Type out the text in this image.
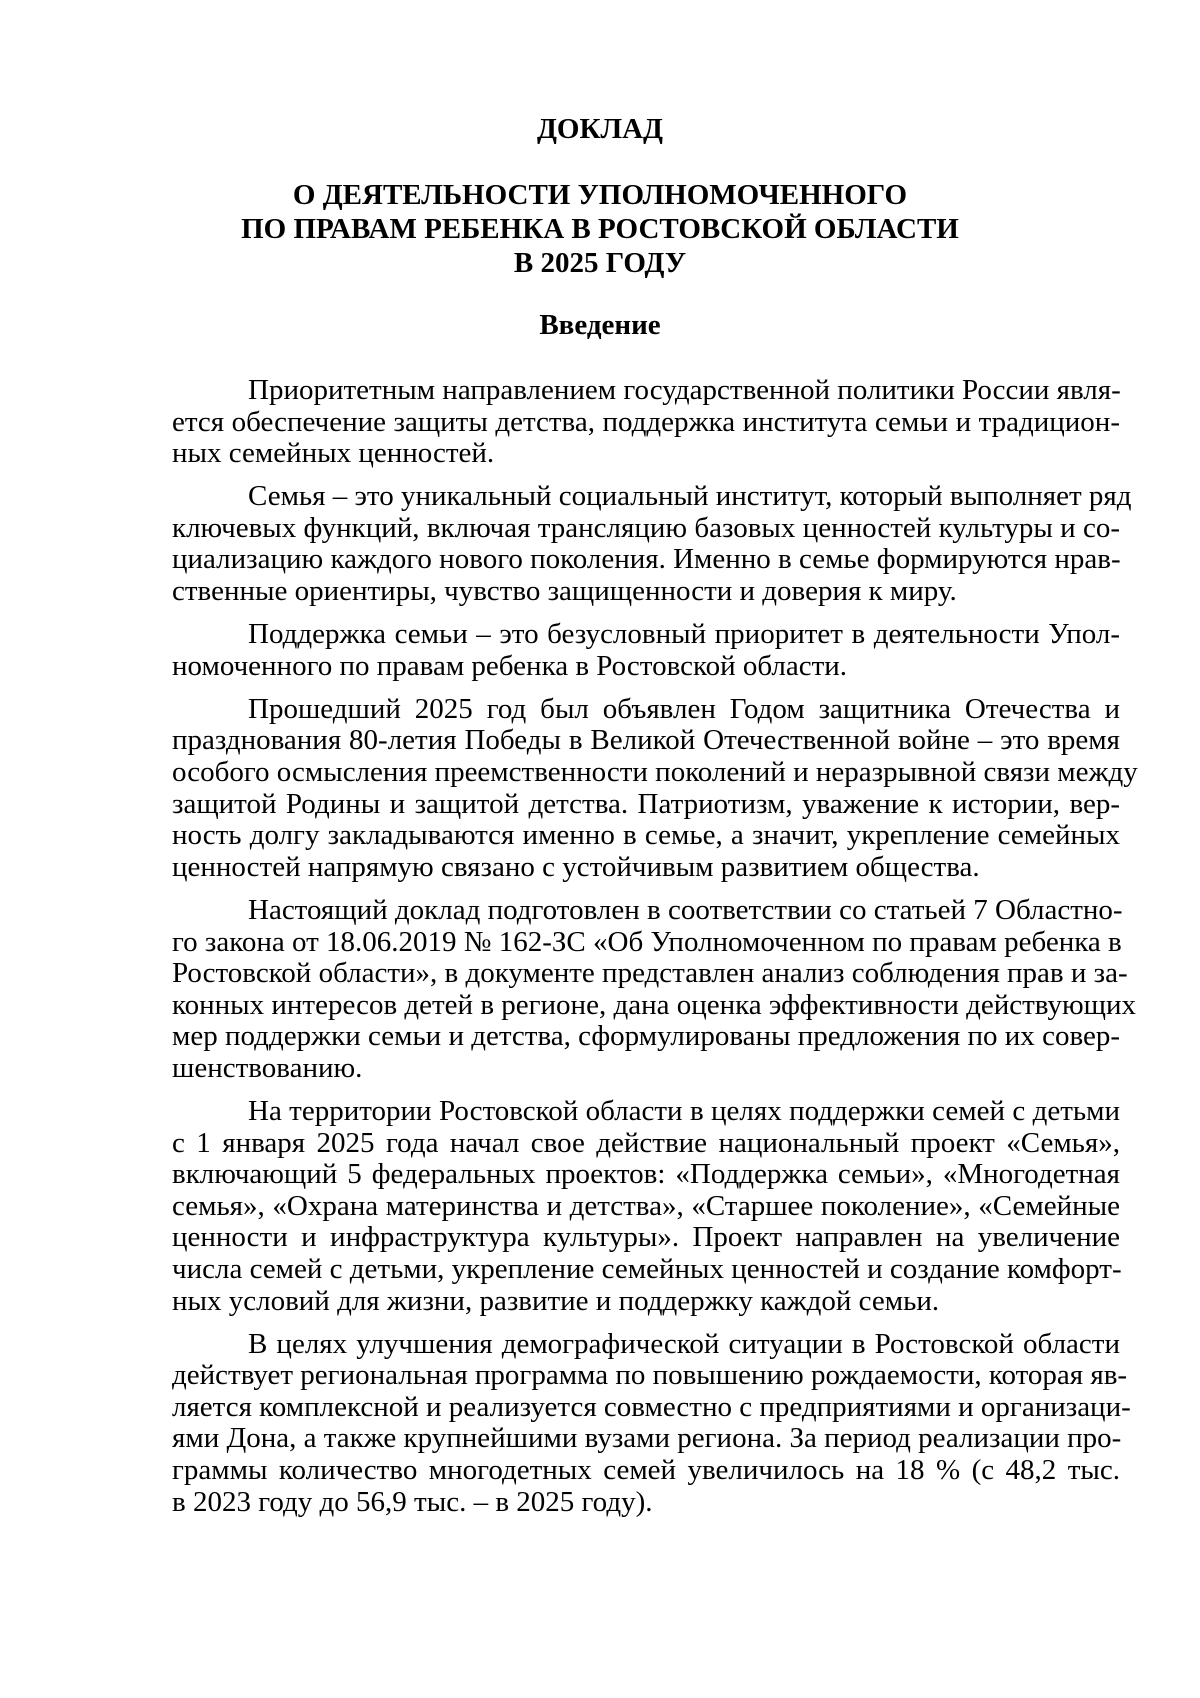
ДОКЛАД
О ДЕЯТЕЛЬНОСТИ УПОЛНОМОЧЕННОГО
ПО ПРАВАМ РЕБЕНКА В РОСТОВСКОЙ ОБЛАСТИ
В 2025 ГОДУ
Введение

Приоритетным направлением государственной политики России явля-
ется обеспечение защиты детства, поддержка института семьи и традицион-
ных семейных ценностей.

Семья – это уникальный социальный институт, который выполняет ряд
ключевых функций, включая трансляцию базовых ценностей культуры и со-
циализацию каждого нового поколения. Именно в семье формируются нрав-
ственные ориентиры, чувство защищенности и доверия к миру.

Поддержка семьи – это безусловный приоритет в деятельности Упол-
номоченного по правам ребенка в Ростовской области.

Прошедший 2025 год был объявлен Годом защитника Отечества и
празднования 80-летия Победы в Великой Отечественной войне – это время
особого осмысления преемственности поколений и неразрывной связи между
защитой Родины и защитой детства. Патриотизм, уважение к истории, вер-
ность долгу закладываются именно в семье, а значит, укрепление семейных
ценностей напрямую связано с устойчивым развитием общества.

Настоящий доклад подготовлен в соответствии со статьей 7 Областно-
го закона от 18.06.2019 № 162-ЗС «Об Уполномоченном по правам ребенка в
Ростовской области», в документе представлен анализ соблюдения прав и за-
конных интересов детей в регионе, дана оценка эффективности действующих
мер поддержки семьи и детства, сформулированы предложения по их совер-
шенствованию.

На территории Ростовской области в целях поддержки семей с детьми
с 1 января 2025 года начал свое действие национальный проект «Семья»,
включающий 5 федеральных проектов: «Поддержка семьи», «Многодетная
семья», «Охрана материнства и детства», «Старшее поколение», «Семейные
ценности и инфраструктура культуры». Проект направлен на увеличение
числа семей с детьми, укрепление семейных ценностей и создание комфорт-
ных условий для жизни, развитие и поддержку каждой семьи.

В целях улучшения демографической ситуации в Ростовской области
действует региональная программа по повышению рождаемости, которая яв-
ляется комплексной и реализуется совместно с предприятиями и организаци-
ями Дона, а также крупнейшими вузами региона. За период реализации про-
граммы количество многодетных семей увеличилось на 18 % (с 48,2 тыс.
в 2023 году до 56,9 тыс. – в 2025 году).
